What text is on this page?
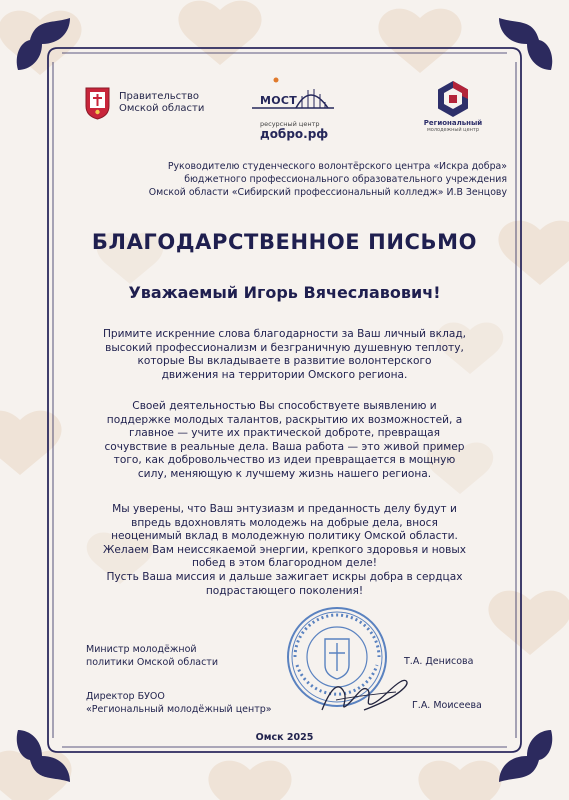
Правительство
Омской области
МОСТ
ресурсный центр
добро.рф
Региональный
молодежный центр
Руководителю студенческого волонтёрского центра «Искра добра»
бюджетного профессионального образовательного учреждения
Омской области «Сибирский профессиональный колледж» И.В Зенцову
БЛАГОДАРСТВЕННОЕ ПИСЬМО
Уважаемый Игорь Вячеславович!
Примите искренние слова благодарности за Ваш личный вклад,
высокий профессионализм и безграничную душевную теплоту,
которые Вы вкладываете в развитие волонтерского
движения на территории Омского региона.
Своей деятельностью Вы способствуете выявлению и
поддержке молодых талантов, раскрытию их возможностей, а
главное — учите их практической доброте, превращая
сочувствие в реальные дела. Ваша работа — это живой пример
того, как добровольчество из идеи превращается в мощную
силу, меняющую к лучшему жизнь нашего региона.
Мы уверены, что Ваш энтузиазм и преданность делу будут и
впредь вдохновлять молодежь на добрые дела, внося
неоценимый вклад в молодежную политику Омской области.
Желаем Вам неиссякаемой энергии, крепкого здоровья и новых
побед в этом благородном деле!
Пусть Ваша миссия и дальше зажигает искры добра в сердцах
подрастающего поколения!
Министр молодёжной
политики Омской области	Т.А. Денисова
Директор БУОО
«Региональный молодёжный центр»	Г.А. Моисеева
Омск 2025
